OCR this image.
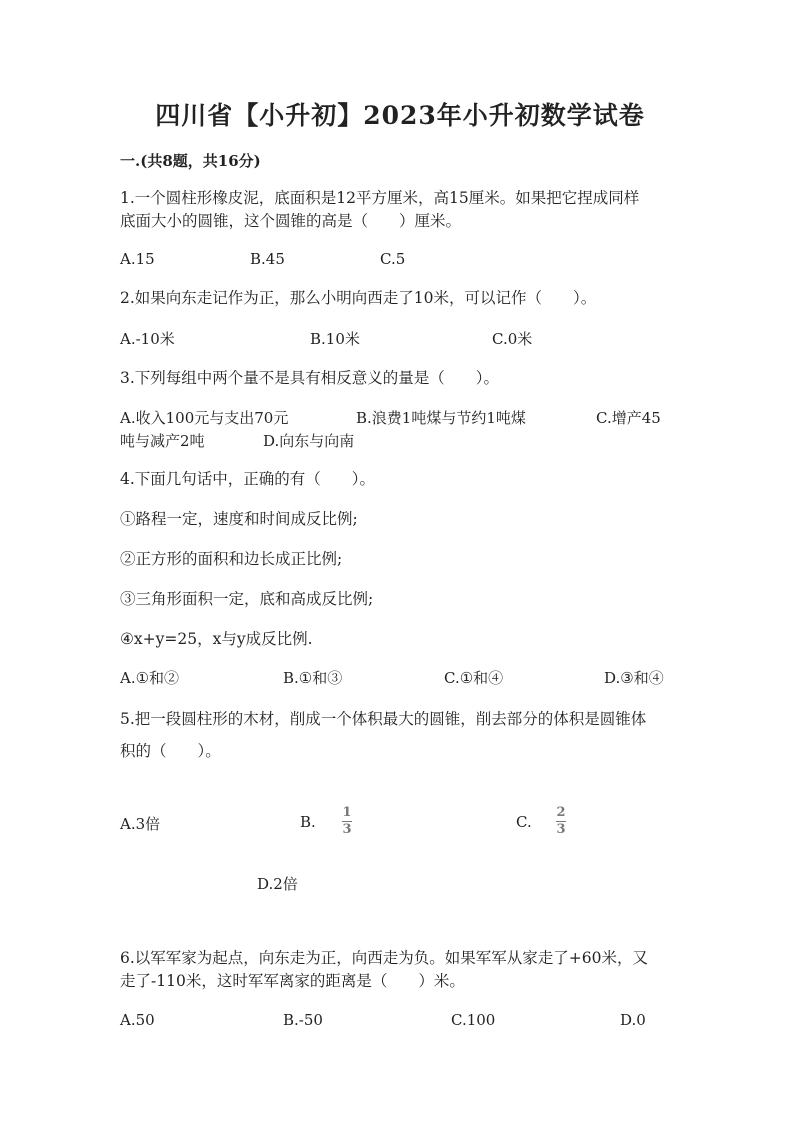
四川省【小升初】2023年小升初数学试卷
一.(共8题，共16分)
1.一个圆柱形橡皮泥，底面积是12平方厘米，高15厘米。如果把它捏成同样
底面大小的圆锥，这个圆锥的高是（　　）厘米。
A.15	B.45	C.5
2.如果向东走记作为正，那么小明向西走了10米，可以记作（　　）。
A.-10米	B.10米	C.0米
3.下列每组中两个量不是具有相反意义的量是（　　）。
A.收入100元与支出70元	B.浪费1吨煤与节约1吨煤	C.增产45
吨与减产2吨	D.向东与向南
4.下面几句话中，正确的有（　　）。
①路程一定，速度和时间成反比例;
②正方形的面积和边长成正比例;
③三角形面积一定，底和高成反比例;
④x+y=25，x与y成反比例.
A.①和②	B.①和③	C.①和④	D.③和④
5.把一段圆柱形的木材，削成一个体积最大的圆锥，削去部分的体积是圆锥体
积的（　　）。
A.3倍	B.
1
3	C.
2
3
D.2倍
6.以军军家为起点，向东走为正，向西走为负。如果军军从家走了+60米，又
走了-110米，这时军军离家的距离是（　　）米。
A.50	B.-50	C.100	D.0
